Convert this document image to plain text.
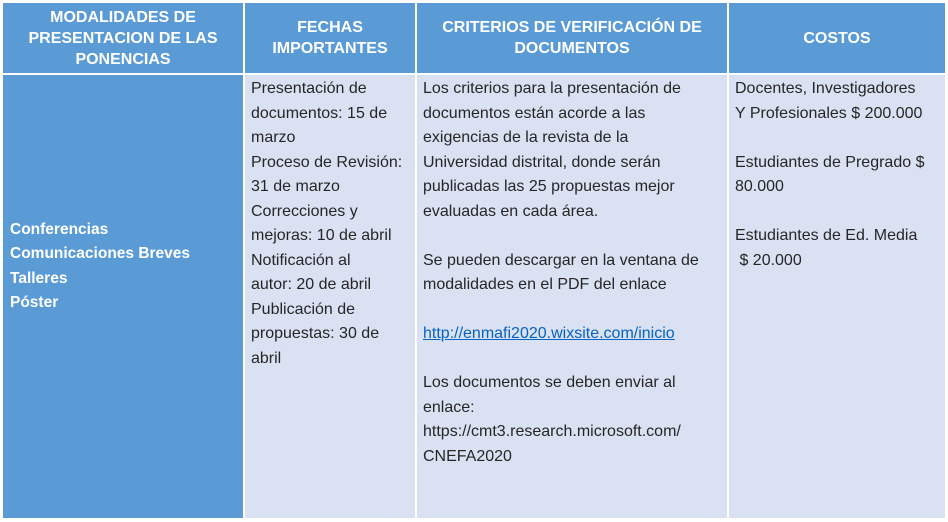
MODALIDADES DE
PRESENTACION DE LAS
PONENCIAS
FECHAS
IMPORTANTES
CRITERIOS DE VERIFICACIÓN DE
DOCUMENTOS
COSTOS
Conferencias
Comunicaciones Breves
Talleres
Póster
Presentación de
documentos: 15 de
marzo
Proceso de Revisión:
31 de marzo
Correcciones y
mejoras: 10 de abril
Notificación al
autor: 20 de abril
Publicación de
propuestas: 30 de
abril
Los criterios para la presentación de
documentos están acorde a las
exigencias de la revista de la
Universidad distrital, donde serán
publicadas las 25 propuestas mejor
evaluadas en cada área.
Se pueden descargar en la ventana de
modalidades en el PDF del enlace
http://enmafi2020.wixsite.com/inicio
Los documentos se deben enviar al
enlace:
https://cmt3.research.microsoft.com/
CNEFA2020
Docentes, Investigadores
Y Profesionales $ 200.000
Estudiantes de Pregrado $
80.000
Estudiantes de Ed. Media
$ 20.000
